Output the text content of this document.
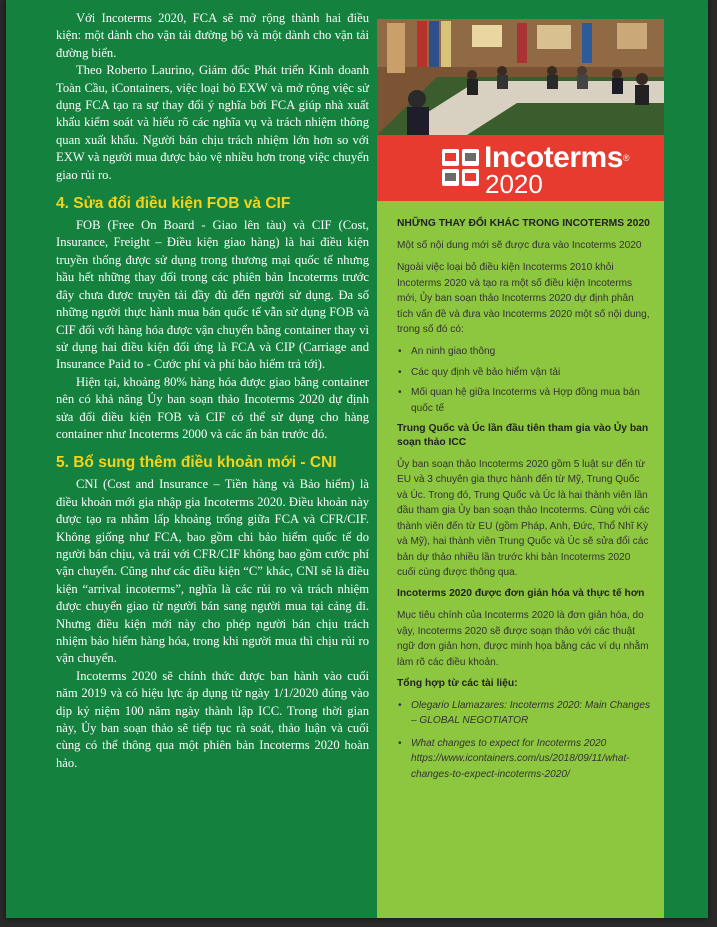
Với Incoterms 2020, FCA sẽ mở rộng thành hai điều kiện: một dành cho vận tải đường bộ và một dành cho vận tải đường biển.

Theo Roberto Laurino, Giám đốc Phát triển Kinh doanh Toàn Cầu, iContainers, việc loại bỏ EXW và mở rộng việc sử dụng FCA tạo ra sự thay đổi ý nghĩa bởi FCA giúp nhà xuất khẩu kiểm soát và hiểu rõ các nghĩa vụ và trách nhiệm thông quan xuất khẩu. Người bán chịu trách nhiệm lớn hơn so với EXW và người mua được bảo vệ nhiều hơn trong việc chuyển giao rủi ro.

4. Sửa đổi điều kiện FOB và CIF

FOB (Free On Board - Giao lên tàu) và CIF (Cost, Insurance, Freight – Điều kiện giao hàng) là hai điều kiện truyền thống được sử dụng trong thương mại quốc tế nhưng hầu hết những thay đổi trong các phiên bản Incoterms trước đây chưa được truyền tải đầy đủ đến người sử dụng. Đa số những người thực hành mua bán quốc tế vẫn sử dụng FOB và CIF đối với hàng hóa được vận chuyển bằng container thay vì sử dụng hai điều kiện đối ứng là FCA và CIP (Carriage and Insurance Paid to - Cước phí và phí bảo hiểm trả tới).

Hiện tại, khoảng 80% hàng hóa được giao bằng container nên có khả năng Ủy ban soạn thảo Incoterms 2020 dự định sửa đổi điều kiện FOB và CIF có thể sử dụng cho hàng container như Incoterms 2000 và các ấn bản trước đó.

5. Bổ sung thêm điều khoản mới - CNI

CNI (Cost and Insurance – Tiền hàng và Bảo hiểm) là điều khoản mới gia nhập gia Incoterms 2020. Điều khoản này được tạo ra nhằm lấp khoảng trống giữa FCA và CFR/CIF. Không giống như FCA, bao gồm chi bảo hiểm quốc tế do người bán chịu, và trái với CFR/CIF không bao gồm cước phí vận chuyển. Cũng như các điều kiện “C” khác, CNI sẽ là điều kiện “arrival incoterms”, nghĩa là các rủi ro và trách nhiệm được chuyển giao từ người bán sang người mua tại cảng đi. Nhưng điều kiện mới này cho phép người bán chịu trách nhiệm bảo hiểm hàng hóa, trong khi người mua thì chịu rủi ro vận chuyển.

Incoterms 2020 sẽ chính thức được ban hành vào cuối năm 2019 và có hiệu lực áp dụng từ ngày 1/1/2020 đúng vào dịp kỷ niệm 100 năm ngày thành lập ICC. Trong thời gian này, Ủy ban soạn thảo sẽ tiếp tục rà soát, thảo luận và cuối cùng có thể thông qua một phiên bản Incoterms 2020 hoàn hảo.

Incoterms®
2020
NHỮNG THAY ĐỔI KHÁC TRONG INCOTERMS 2020

Một số nội dung mới sẽ được đưa vào Incoterms 2020

Ngoài việc loại bỏ điều kiện Incoterms 2010 khỏi Incoterms 2020 và tạo ra một số điều kiện Incoterms mới, Ủy ban soạn thảo Incoterms 2020 dự định phân tích vấn đề và đưa vào Incoterms 2020 một số nội dung, trong số đó có:

• An ninh giao thông
• Các quy định về bảo hiểm vận tải
• Mối quan hệ giữa Incoterms và Hợp đồng mua bán quốc tế
Trung Quốc và Úc lần đầu tiên tham gia vào Ủy ban soạn thảo ICC

Ủy ban soạn thảo Incoterms 2020 gồm 5 luật sư đến từ EU và 3 chuyên gia thực hành đến từ Mỹ, Trung Quốc và Úc. Trong đó, Trung Quốc và Úc là hai thành viên lần đầu tham gia Ủy ban soạn thảo Incoterms. Cùng với các thành viên đến từ EU (gồm Pháp, Anh, Đức, Thổ Nhĩ Kỳ và Mỹ), hai thành viên Trung Quốc và Úc sẽ sửa đổi các bản dự thảo nhiều lần trước khi bản Incoterms 2020 cuối cùng được thông qua.

Incoterms 2020 được đơn giản hóa và thực tế hơn

Mục tiêu chính của Incoterms 2020 là đơn giản hóa, do vậy, Incoterms 2020 sẽ được soạn thảo với các thuật ngữ đơn giản hơn, được minh họa bằng các ví dụ nhằm làm rõ các điều khoản.

Tổng hợp từ các tài liệu:
• Olegario Llamazares: Incoterms 2020: Main Changes – GLOBAL NEGOTIATOR
• What changes to expect for Incoterms 2020 https://www.icontainers.com/us/2018/09/11/what-changes-to-expect-incoterms-2020/
